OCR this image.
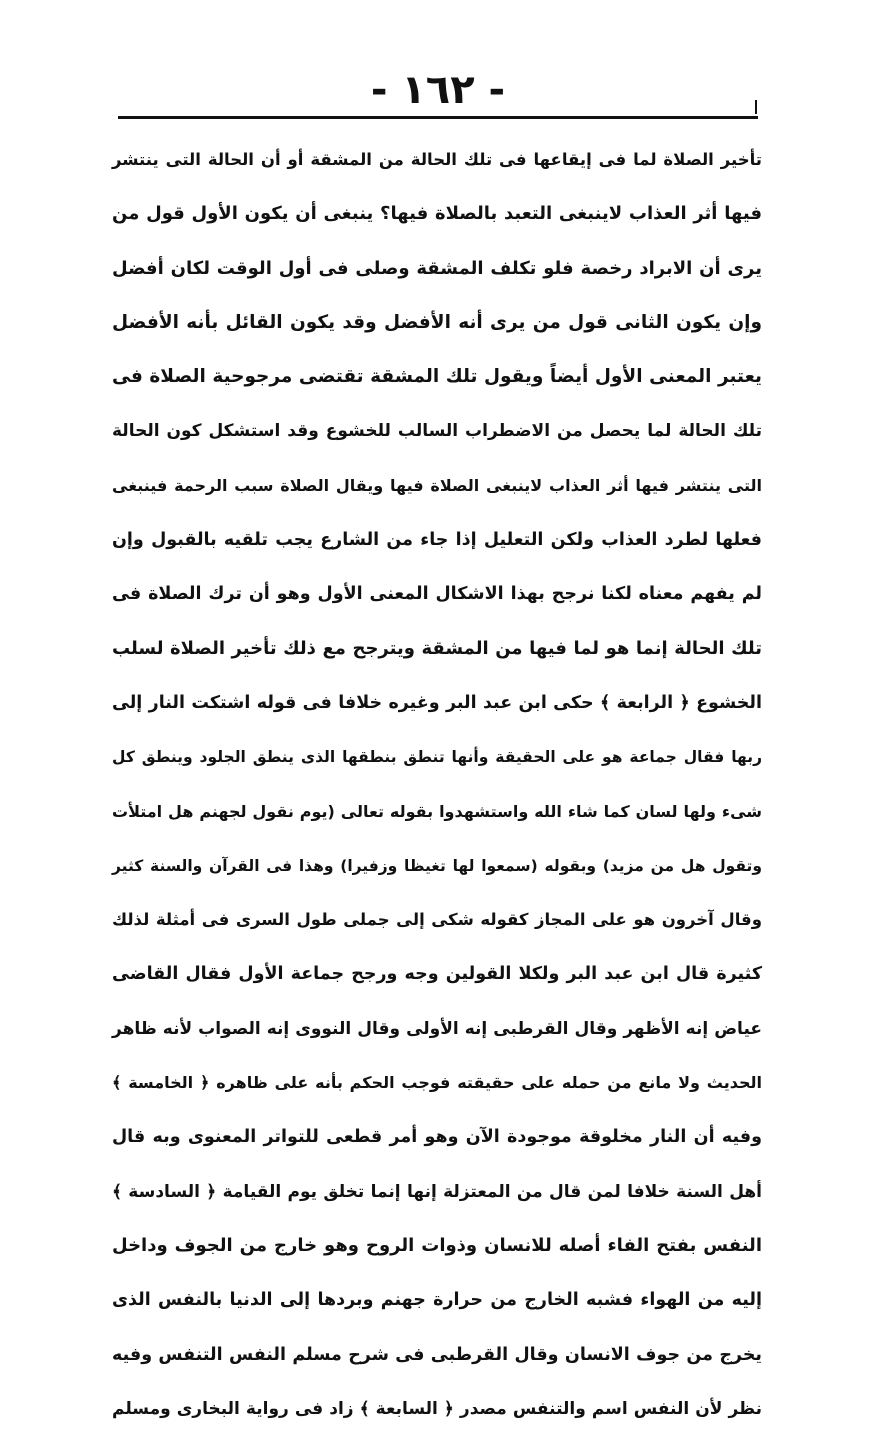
- ١٦٢ -
تأخير الصلاة لما فى إيقاعها فى تلك الحالة من المشقة أو أن الحالة التى ينتشر
فيها أثر العذاب لاينبغى التعبد بالصلاة فيها؟ ينبغى أن يكون الأول قول من
يرى أن الابراد رخصة فلو تكلف المشقة وصلى فى أول الوقت لكان أفضل
وإن يكون الثانى قول من يرى أنه الأفضل وقد يكون القائل بأنه الأفضل
يعتبر المعنى الأول أيضاً ويقول تلك المشقة تقتضى مرجوحية الصلاة فى
تلك الحالة لما يحصل من الاضطراب السالب للخشوع وقد استشكل كون الحالة
التى ينتشر فيها أثر العذاب لاينبغى الصلاة فيها ويقال الصلاة سبب الرحمة فينبغى
فعلها لطرد العذاب ولكن التعليل إذا جاء من الشارع يجب تلقيه بالقبول وإن
لم يفهم معناه لكنا نرجح بهذا الاشكال المعنى الأول وهو أن ترك الصلاة فى
تلك الحالة إنما هو لما فيها من المشقة ويترجح مع ذلك تأخير الصلاة لسلب
الخشوع ﴿ الرابعة ﴾ حكى ابن عبد البر وغيره خلافا فى قوله اشتكت النار إلى
ربها فقال جماعة هو على الحقيقة وأنها تنطق بنطقها الذى ينطق الجلود وينطق كل
شىء ولها لسان كما شاء الله واستشهدوا بقوله تعالى (يوم نقول لجهنم هل امتلأت
وتقول هل من مزيد) وبقوله (سمعوا لها تغيظا وزفيرا) وهذا فى القرآن والسنة كثير
وقال آخرون هو على المجاز كقوله شكى إلى جملى طول السرى فى أمثلة لذلك
كثيرة قال ابن عبد البر ولكلا القولين وجه ورجح جماعة الأول فقال القاضى
عياض إنه الأظهر وقال القرطبى إنه الأولى وقال النووى إنه الصواب لأنه ظاهر
الحديث ولا مانع من حمله على حقيقته فوجب الحكم بأنه على ظاهره ﴿ الخامسة ﴾
وفيه أن النار مخلوقة موجودة الآن وهو أمر قطعى للتواتر المعنوى وبه قال
أهل السنة خلافا لمن قال من المعتزلة إنها إنما تخلق يوم القيامة ﴿ السادسة ﴾
النفس بفتح الفاء أصله للانسان وذوات الروح وهو خارج من الجوف وداخل
إليه من الهواء فشبه الخارج من حرارة جهنم وبردها إلى الدنيا بالنفس الذى
يخرج من جوف الانسان وقال القرطبى فى شرح مسلم النفس التنفس وفيه
نظر لأن النفس اسم والتنفس مصدر ﴿ السابعة ﴾ زاد فى رواية البخارى ومسلم
